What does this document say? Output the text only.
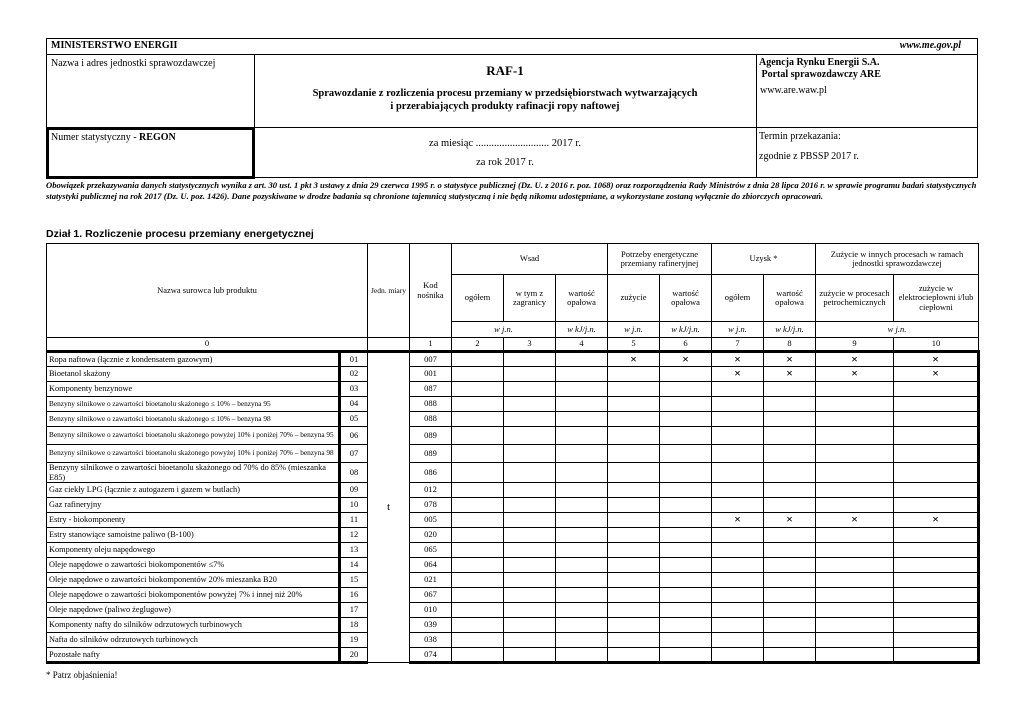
MINISTERSTWO ENERGII	www.me.gov.pl
Nazwa i adres jednostki sprawozdawczej
Numer statystyczny - REGON
RAF-1
Sprawozdanie z rozliczenia procesu przemiany w przedsiębiorstwach wytwarzających
i przerabiających produkty rafinacji ropy naftowej
za miesiąc ............................ 2017 r.
za rok 2017 r.
Agencja Rynku Energii S.A.
Portal sprawozdawczy ARE
www.are.waw.pl
Termin przekazania:
zgodnie z PBSSP 2017 r.
Obowiązek przekazywania danych statystycznych wynika z art. 30 ust. 1 pkt 3 ustawy z dnia 29 czerwca 1995 r. o statystyce publicznej (Dz. U. z 2016 r. poz. 1068) oraz rozporządzenia Rady Ministrów z dnia 28 lipca 2016 r. w sprawie programu badań statystycznych statystyki publicznej na rok 2017 (Dz. U. poz. 1426). Dane pozyskiwane w drodze badania są chronione tajemnicą statystyczną i nie będą nikomu udostępniane, a wykorzystane zostaną wyłącznie do zbiorczych opracowań.
Dział 1. Rozliczenie procesu przemiany energetycznej
Nazwa surowca lub produktu		Jedn. miary	Kod nośnika	Wsad			Potrzeby energetyczne przemiany rafineryjnej		Uzysk *		Zużycie w innych procesach w ramach jednostki sprawozdawczej	
				ogółem	w tym z zagranicy	wartość opałowa	zużycie	wartość opałowa	ogółem	wartość opałowa	zużycie w procesach petrochemicznych	zużycie w elektrociepłowni i/lub ciepłowni
				w j.n.		w kJ/j.n.	w j.n.	w kJ/j.n.	w j.n.	w kJ/j.n.	w j.n.	
0			1	2	3	4	5	6	7	8	9	10
Ropa naftowa (łącznie z kondensatem gazowym)	01	t	007				×	×	×	×	×	×
Bioetanol skażony	02		001						×	×	×	×
Komponenty benzynowe	03		087									
Benzyny silnikowe o zawartości bioetanolu skażonego ≤ 10% – benzyna 95	04		088									
Benzyny silnikowe o zawartości bioetanolu skażonego ≤ 10% – benzyna 98	05		088									
Benzyny silnikowe o zawartości bioetanolu skażonego powyżej 10% i poniżej 70% – benzyna 95	06		089									
Benzyny silnikowe o zawartości bioetanolu skażonego powyżej 10% i poniżej 70% – benzyna 98	07		089									
Benzyny silnikowe o zawartości bioetanolu skażonego od 70% do 85% (mieszanka E85)	08		086									
Gaz ciekły LPG (łącznie z autogazem i gazem w butlach)	09		012									
Gaz rafineryjny	10		078									
Estry - biokomponenty	11		005						×	×	×	×
Estry stanowiące samoistne paliwo (B-100)	12		020									
Komponenty oleju napędowego	13		065									
Oleje napędowe o zawartości biokomponentów ≤7%	14		064									
Oleje napędowe o zawartości biokomponentów 20% mieszanka B20	15		021									
Oleje napędowe o zawartości biokomponentów powyżej 7% i innej niż 20%	16		067									
Oleje napędowe (paliwo żeglugowe)	17		010									
Komponenty nafty do silników odrzutowych turbinowych	18		039									
Nafta do silników odrzutowych turbinowych	19		038									
Pozostałe nafty	20		074									
* Patrz objaśnienia!
